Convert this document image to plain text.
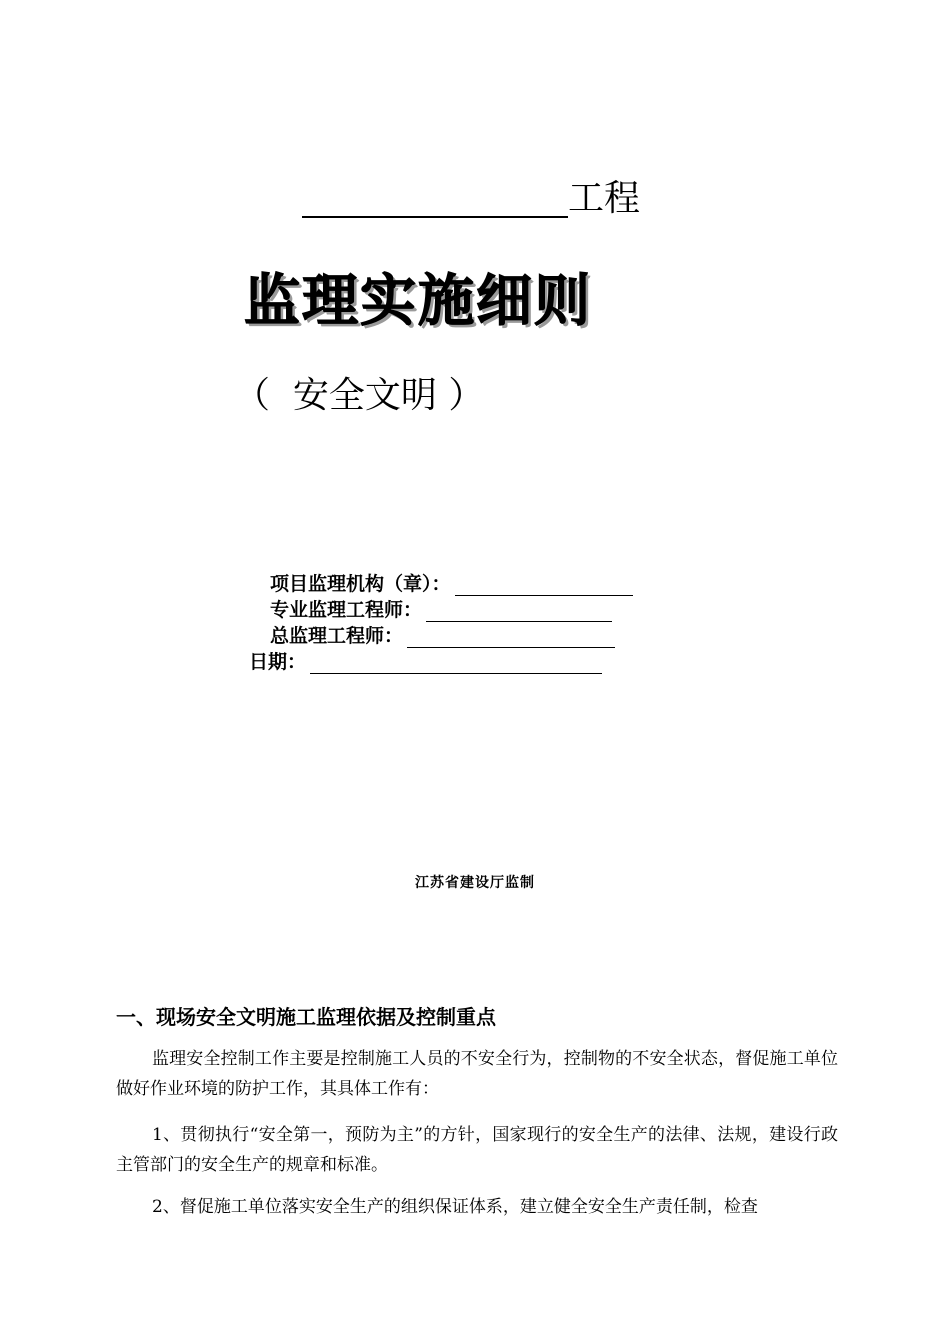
工程
监理实施细则
（  安全文明 ）
项目监理机构（章）：
专业监理工程师：
总监理工程师：
日期：
江苏省建设厅监制
一、现场安全文明施工监理依据及控制重点

监理安全控制工作主要是控制施工人员的不安全行为，控制物的不安全状态，督促施工单位做好作业环境的防护工作，其具体工作有：

1、贯彻执行“安全第一，预防为主”的方针，国家现行的安全生产的法律、法规，建设行政主管部门的安全生产的规章和标准。

2、督促施工单位落实安全生产的组织保证体系，建立健全安全生产责任制，检查
